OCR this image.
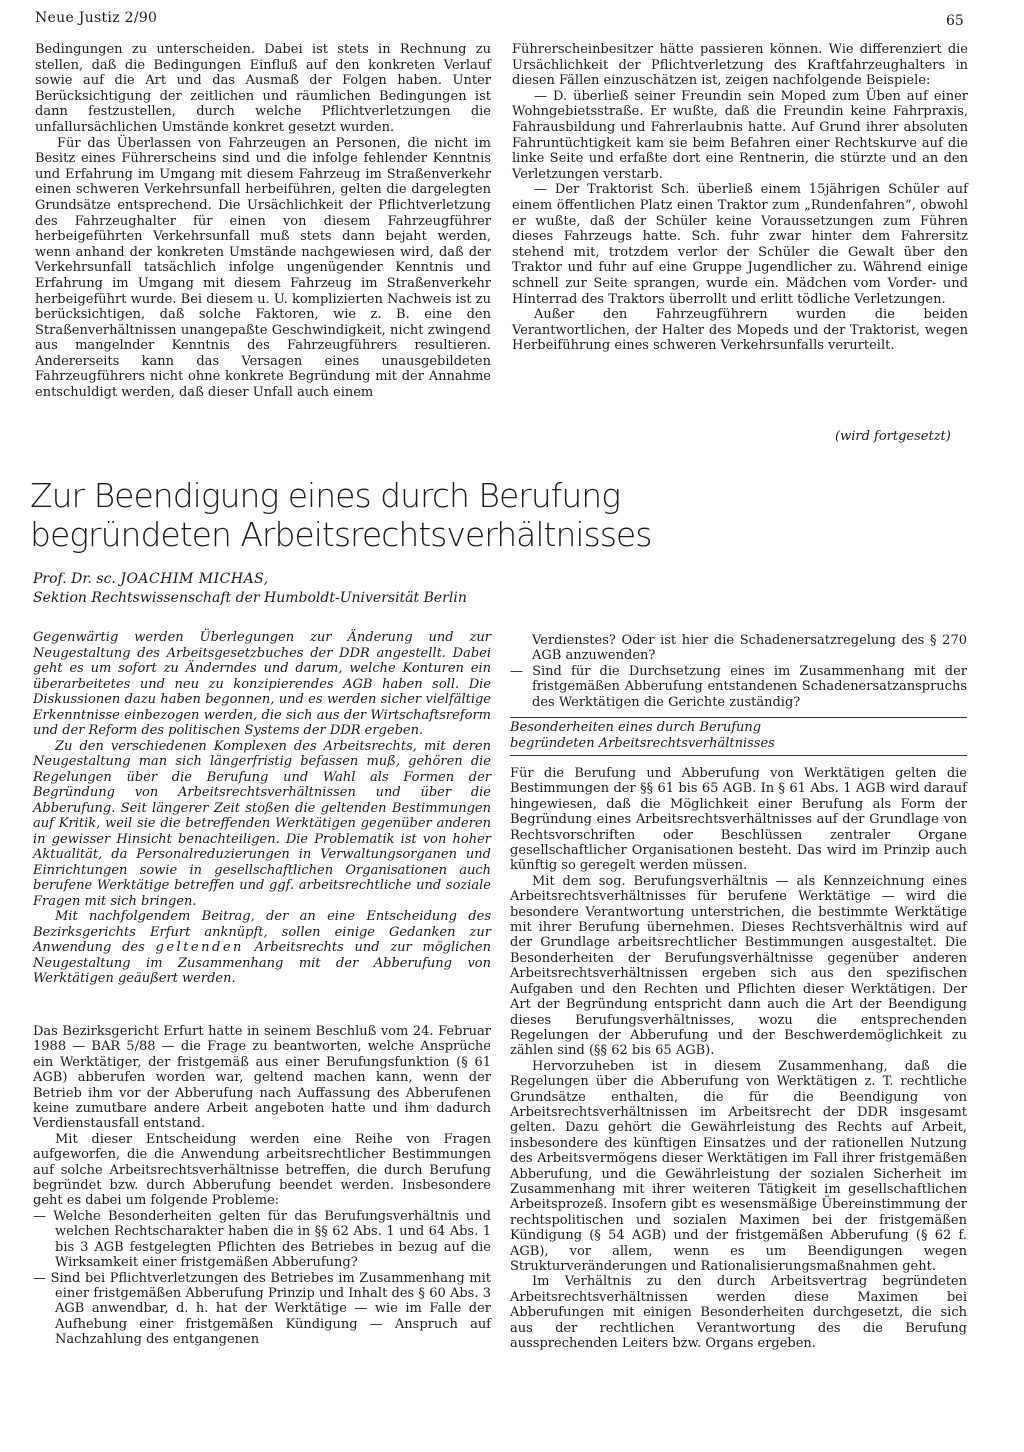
Neue Justiz 2/90	65

Bedingungen zu unterscheiden. Dabei ist stets in Rechnung zu stellen, daß die Bedingungen Einfluß auf den konkreten Verlauf sowie auf die Art und das Ausmaß der Folgen haben. Unter Berücksichtigung der zeitlichen und räumlichen Bedingungen ist dann festzustellen, durch welche Pflichtverletzungen die unfallursächlichen Umstände konkret gesetzt wurden.

Für das Überlassen von Fahrzeugen an Personen, die nicht im Besitz eines Führerscheins sind und die infolge fehlender Kenntnis und Erfahrung im Umgang mit diesem Fahrzeug im Straßenverkehr einen schweren Verkehrsunfall herbeiführen, gelten die dargelegten Grundsätze entsprechend. Die Ursächlichkeit der Pflichtverletzung des Fahrzeughalter für einen von diesem Fahrzeugführer herbeigeführten Verkehrsunfall muß stets dann bejaht werden, wenn anhand der konkreten Umstände nachgewiesen wird, daß der Verkehrsunfall tatsächlich infolge ungenügender Kenntnis und Erfahrung im Umgang mit diesem Fahrzeug im Straßenverkehr herbeigeführt wurde. Bei diesem u. U. komplizierten Nachweis ist zu berücksichtigen, daß solche Faktoren, wie z. B. eine den Straßenverhältnissen unangepaßte Geschwindigkeit, nicht zwingend aus mangelnder Kenntnis des Fahrzeugführers resultieren. Andererseits kann das Versagen eines unausgebildeten Fahrzeugführers nicht ohne konkrete Begründung mit der Annahme entschuldigt werden, daß dieser Unfall auch einem

Führerscheinbesitzer hätte passieren können. Wie differenziert die Ursächlichkeit der Pflichtverletzung des Kraftfahrzeughalters in diesen Fällen einzuschätzen ist, zeigen nachfolgende Beispiele:

— D. überließ seiner Freundin sein Moped zum Üben auf einer Wohngebietsstraße. Er wußte, daß die Freundin keine Fahrpraxis, Fahrausbildung und Fahrerlaubnis hatte. Auf Grund ihrer absoluten Fahruntüchtigkeit kam sie beim Befahren einer Rechtskurve auf die linke Seite und erfaßte dort eine Rentnerin, die stürzte und an den Verletzungen verstarb.

— Der Traktorist Sch. überließ einem 15jährigen Schüler auf einem öffentlichen Platz einen Traktor zum „Rundenfahren“, obwohl er wußte, daß der Schüler keine Voraussetzungen zum Führen dieses Fahrzeugs hatte. Sch. fuhr zwar hinter dem Fahrersitz stehend mit, trotzdem verlor der Schüler die Gewalt über den Traktor und fuhr auf eine Gruppe Jugendlicher zu. Während einige schnell zur Seite sprangen, wurde ein. Mädchen vom Vorder- und Hinterrad des Traktors überrollt und erlitt tödliche Verletzungen.

Außer den Fahrzeugführern wurden die beiden Verantwortlichen, der Halter des Mopeds und der Traktorist, wegen Herbeiführung eines schweren Verkehrsunfalls verurteilt.

(wird fortgesetzt)
Zur Beendigung eines durch Berufung
begründeten Arbeitsrechtsverhältnisses
Prof. Dr. sc. JOACHIM MICHAS,
Sektion Rechtswissenschaft der Humboldt-Universität Berlin

Gegenwärtig werden Überlegungen zur Änderung und zur Neugestaltung des Arbeitsgesetzbuches der DDR angestellt. Dabei geht es um sofort zu Änderndes und darum, welche Konturen ein überarbeitetes und neu zu konzipierendes AGB haben soll. Die Diskussionen dazu haben begonnen, und es werden sicher vielfältige Erkenntnisse einbezogen werden, die sich aus der Wirtschaftsreform und der Reform des politischen Systems der DDR ergeben.

Zu den verschiedenen Komplexen des Arbeitsrechts, mit deren Neugestaltung man sich längerfristig befassen muß, gehören die Regelungen über die Berufung und Wahl als Formen der Begründung von Arbeitsrechtsverhältnissen und über die Abberufung. Seit längerer Zeit stoßen die geltenden Bestimmungen auf Kritik, weil sie die betreffenden Werktätigen gegenüber anderen in gewisser Hinsicht benachteiligen. Die Problematik ist von hoher Aktualität, da Personalreduzierungen in Verwaltungsorganen und Einrichtungen sowie in gesellschaftlichen Organisationen auch berufene Werktätige betreffen und ggf. arbeitsrechtliche und soziale Fragen mit sich bringen.

Mit nachfolgendem Beitrag, der an eine Entscheidung des Bezirksgerichts Erfurt anknüpft, sollen einige Gedanken zur Anwendung des geltenden Arbeitsrechts und zur möglichen Neugestaltung im Zusammenhang mit der Abberufung von Werktätigen geäußert werden.

Das Bezirksgericht Erfurt hatte in seinem Beschluß vom 24. Februar 1988 — BAR 5/88 — die Frage zu beantworten, welche Ansprüche ein Werktätiger, der fristgemäß aus einer Berufungsfunktion (§ 61 AGB) abberufen worden war, geltend machen kann, wenn der Betrieb ihm vor der Abberufung nach Auffassung des Abberufenen keine zumutbare andere Arbeit angeboten hatte und ihm dadurch Verdienstausfall entstand.

Mit dieser Entscheidung werden eine Reihe von Fragen aufgeworfen, die die Anwendung arbeitsrechtlicher Bestimmungen auf solche Arbeitsrechtsverhältnisse betreffen, die durch Berufung begründet bzw. durch Abberufung beendet werden. Insbesondere geht es dabei um folgende Probleme:

— Welche Besonderheiten gelten für das Berufungsverhältnis und welchen Rechtscharakter haben die in §§ 62 Abs. 1 und 64 Abs. 1 bis 3 AGB festgelegten Pflichten des Betriebes in bezug auf die Wirksamkeit einer fristgemäßen Abberufung?

— Sind bei Pflichtverletzungen des Betriebes im Zusammenhang mit einer fristgemäßen Abberufung Prinzip und Inhalt des § 60 Abs. 3 AGB anwendbar, d. h. hat der Werktätige — wie im Falle der Aufhebung einer fristgemäßen Kündigung — Anspruch auf Nachzahlung des entgangenen

Verdienstes? Oder ist hier die Schadenersatzregelung des § 270 AGB anzuwenden?

— Sind für die Durchsetzung eines im Zusammenhang mit der fristgemäßen Abberufung entstandenen Schadenersatzanspruchs des Werktätigen die Gerichte zuständig?

Besonderheiten eines durch Berufung
begründeten Arbeitsrechtsverhältnisses

Für die Berufung und Abberufung von Werktätigen gelten die Bestimmungen der §§ 61 bis 65 AGB. In § 61 Abs. 1 AGB wird darauf hingewiesen, daß die Möglichkeit einer Berufung als Form der Begründung eines Arbeitsrechtsverhältnisses auf der Grundlage von Rechtsvorschriften oder Beschlüssen zentraler Organe gesellschaftlicher Organisationen besteht. Das wird im Prinzip auch künftig so geregelt werden müssen.

Mit dem sog. Berufungsverhältnis — als Kennzeichnung eines Arbeitsrechtsverhältnisses für berufene Werktätige — wird die besondere Verantwortung unterstrichen, die bestimmte Werktätige mit ihrer Berufung übernehmen. Dieses Rechtsverhältnis wird auf der Grundlage arbeitsrechtlicher Bestimmungen ausgestaltet. Die Besonderheiten der Berufungsverhältnisse gegenüber anderen Arbeitsrechtsverhältnissen ergeben sich aus den spezifischen Aufgaben und den Rechten und Pflichten dieser Werktätigen. Der Art der Begründung entspricht dann auch die Art der Beendigung dieses Berufungsverhältnisses, wozu die entsprechenden Regelungen der Abberufung und der Beschwerdemöglichkeit zu zählen sind (§§ 62 bis 65 AGB).

Hervorzuheben ist in diesem Zusammenhang, daß die Regelungen über die Abberufung von Werktätigen z. T. rechtliche Grundsätze enthalten, die für die Beendigung von Arbeitsrechtsverhältnissen im Arbeitsrecht der DDR insgesamt gelten. Dazu gehört die Gewährleistung des Rechts auf Arbeit, insbesondere des künftigen Einsatzes und der rationellen Nutzung des Arbeitsvermögens dieser Werktätigen im Fall ihrer fristgemäßen Abberufung, und die Gewährleistung der sozialen Sicherheit im Zusammenhang mit ihrer weiteren Tätigkeit im gesellschaftlichen Arbeitsprozeß. Insofern gibt es wesensmäßige Übereinstimmung der rechtspolitischen und sozialen Maximen bei der fristgemäßen Kündigung (§ 54 AGB) und der fristgemäßen Abberufung (§ 62 f. AGB), vor allem, wenn es um Beendigungen wegen Strukturveränderungen und Rationalisierungsmaßnahmen geht.

Im Verhältnis zu den durch Arbeitsvertrag begründeten Arbeitsrechtsverhältnissen werden diese Maximen bei Abberufungen mit einigen Besonderheiten durchgesetzt, die sich aus der rechtlichen Verantwortung des die Berufung aussprechenden Leiters bzw. Organs ergeben.
